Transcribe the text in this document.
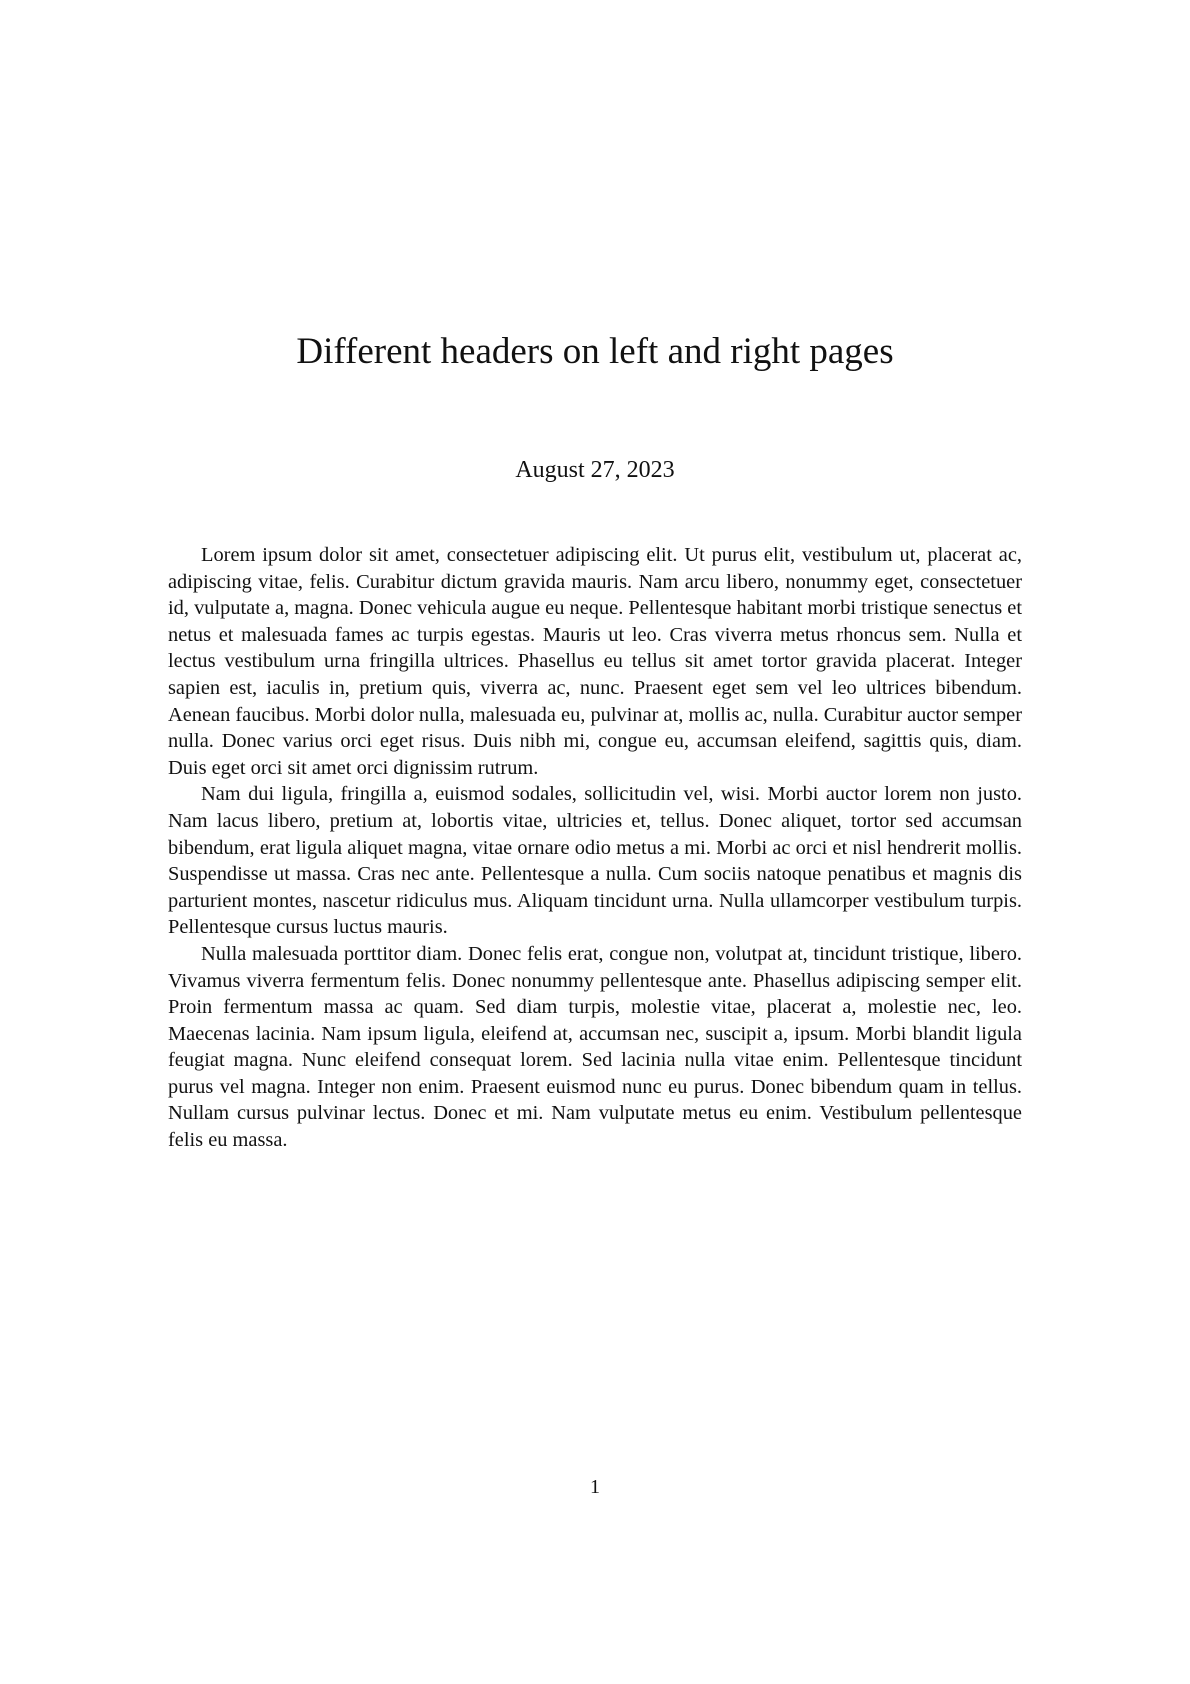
Different headers on left and right pages
August 27, 2023

Lorem ipsum dolor sit amet, consectetuer adipiscing elit. Ut purus elit, vestibulum ut, placerat ac, adipiscing vitae, felis. Curabitur dictum gravida mauris. Nam arcu libero, nonummy eget, consectetuer id, vulputate a, magna. Donec vehicula augue eu neque. Pellentesque habitant morbi tristique senectus et netus et malesuada fames ac turpis egestas. Mauris ut leo. Cras viverra metus rhoncus sem. Nulla et lectus vestibulum urna fringilla ultrices. Phasellus eu tellus sit amet tortor gravida placerat. Integer sapien est, iaculis in, pretium quis, viverra ac, nunc. Praesent eget sem vel leo ultrices bibendum. Aenean faucibus. Morbi dolor nulla, malesuada eu, pulvinar at, mollis ac, nulla. Curabitur auctor semper nulla. Donec varius orci eget risus. Duis nibh mi, congue eu, accumsan eleifend, sagittis quis, diam. Duis eget orci sit amet orci dignissim rutrum.

Nam dui ligula, fringilla a, euismod sodales, sollicitudin vel, wisi. Morbi auctor lorem non justo. Nam lacus libero, pretium at, lobortis vitae, ultricies et, tellus. Donec aliquet, tortor sed accumsan bibendum, erat ligula aliquet magna, vitae ornare odio metus a mi. Morbi ac orci et nisl hendrerit mollis. Suspendisse ut massa. Cras nec ante. Pellentesque a nulla. Cum sociis natoque penatibus et magnis dis parturient montes, nascetur ridiculus mus. Aliquam tincidunt urna. Nulla ullamcorper vestibulum turpis. Pellentesque cursus luctus mauris.

Nulla malesuada porttitor diam. Donec felis erat, congue non, volutpat at, tincidunt tristique, libero. Vivamus viverra fermentum felis. Donec nonummy pellentesque ante. Phasellus adipiscing semper elit. Proin fermentum massa ac quam. Sed diam turpis, molestie vitae, placerat a, molestie nec, leo. Maecenas lacinia. Nam ipsum ligula, eleifend at, accumsan nec, suscipit a, ipsum. Morbi blandit ligula feugiat magna. Nunc eleifend consequat lorem. Sed lacinia nulla vitae enim. Pellentesque tincidunt purus vel magna. Integer non enim. Praesent euismod nunc eu purus. Donec bibendum quam in tellus. Nullam cursus pulvinar lectus. Donec et mi. Nam vulputate metus eu enim. Vestibulum pellentesque felis eu massa.

1
